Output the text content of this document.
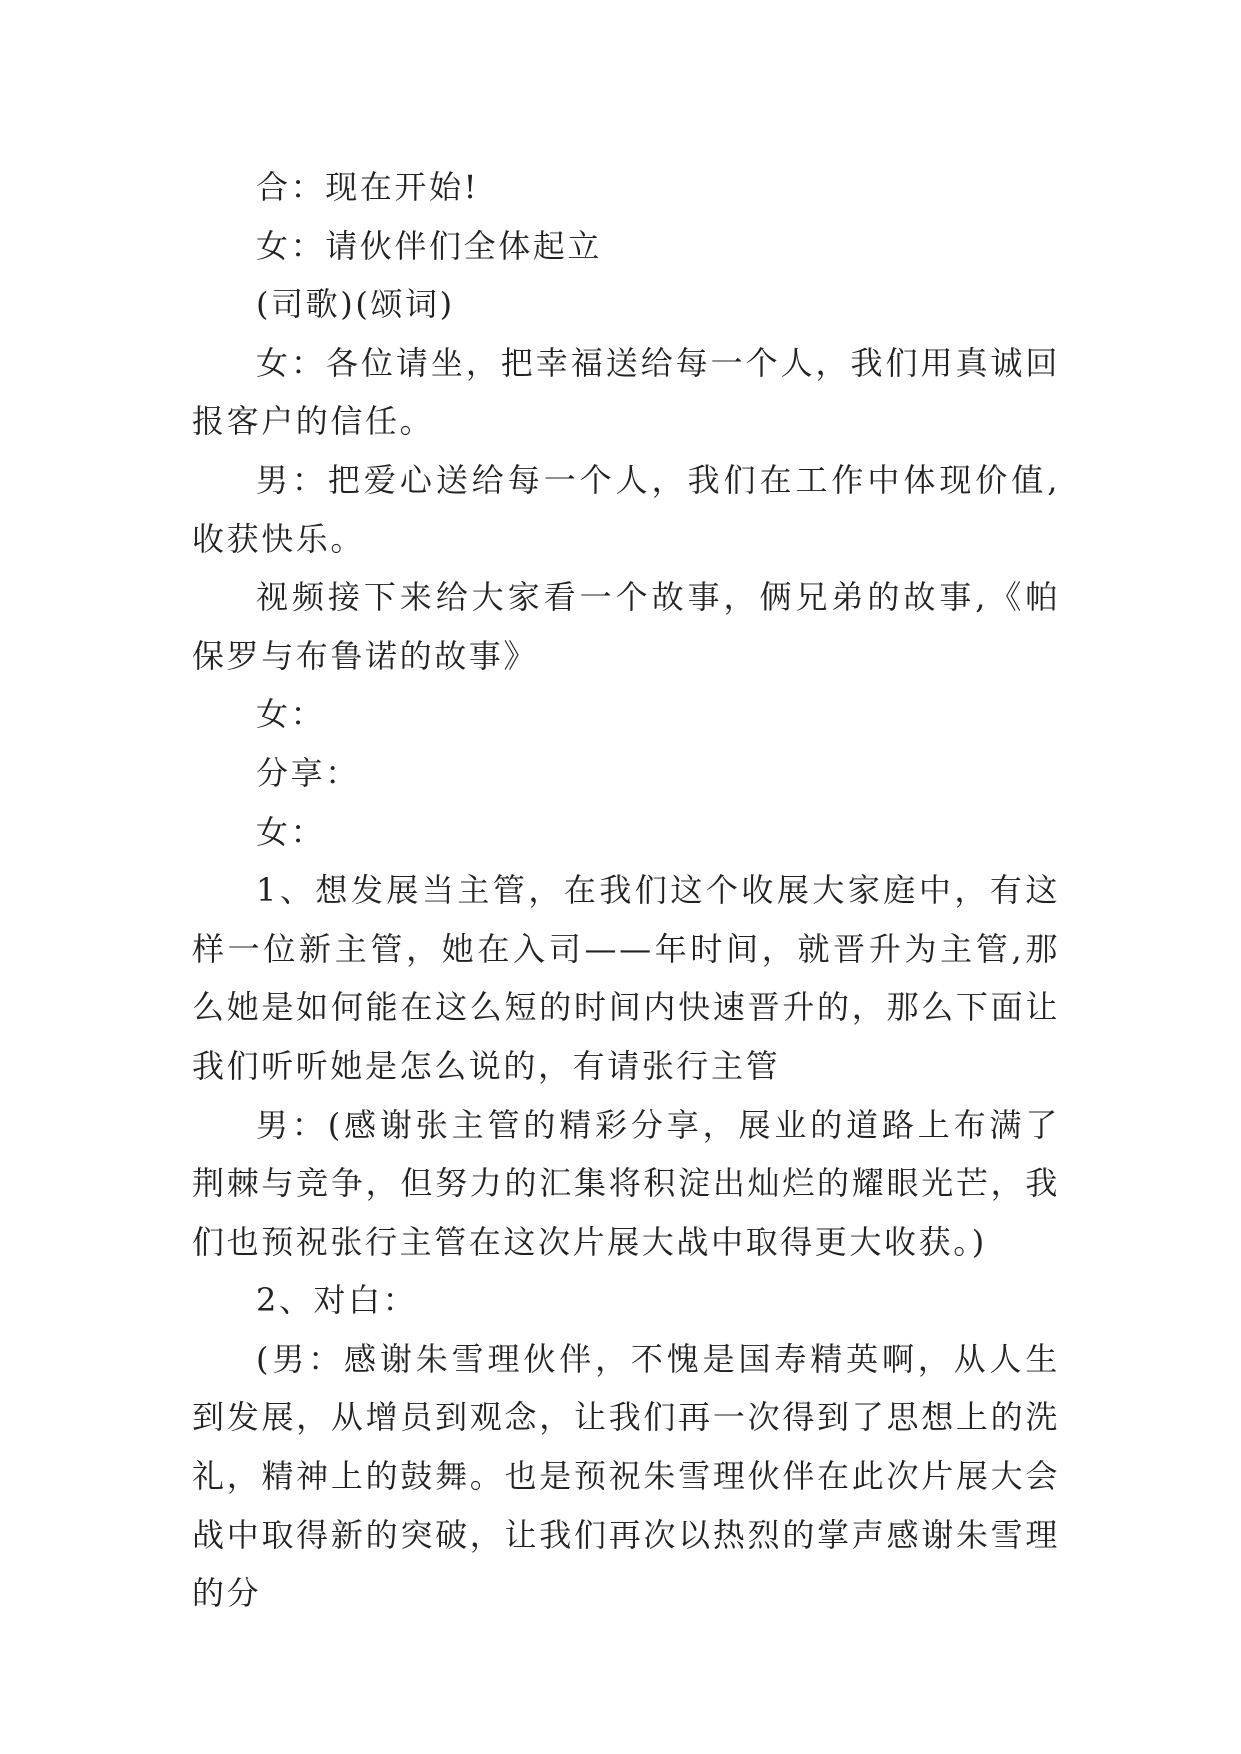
合：现在开始!

女：请伙伴们全体起立

(司歌)(颂词)

女：各位请坐，把幸福送给每一个人，我们用真诚回报客户的信任。

男：把爱心送给每一个人，我们在工作中体现价值,收获快乐。

视频接下来给大家看一个故事，俩兄弟的故事,《帕保罗与布鲁诺的故事》

女：

分享：

女：

1、想发展当主管，在我们这个收展大家庭中，有这样一位新主管，她在入司——年时间，就晋升为主管,那么她是如何能在这么短的时间内快速晋升的，那么下面让我们听听她是怎么说的，有请张行主管

男：(感谢张主管的精彩分享，展业的道路上布满了荆棘与竞争，但努力的汇集将积淀出灿烂的耀眼光芒，我们也预祝张行主管在这次片展大战中取得更大收获。)

2、对白：

(男：感谢朱雪理伙伴，不愧是国寿精英啊，从人生到发展，从增员到观念，让我们再一次得到了思想上的洗礼，精神上的鼓舞。也是预祝朱雪理伙伴在此次片展大会战中取得新的突破，让我们再次以热烈的掌声感谢朱雪理的分
